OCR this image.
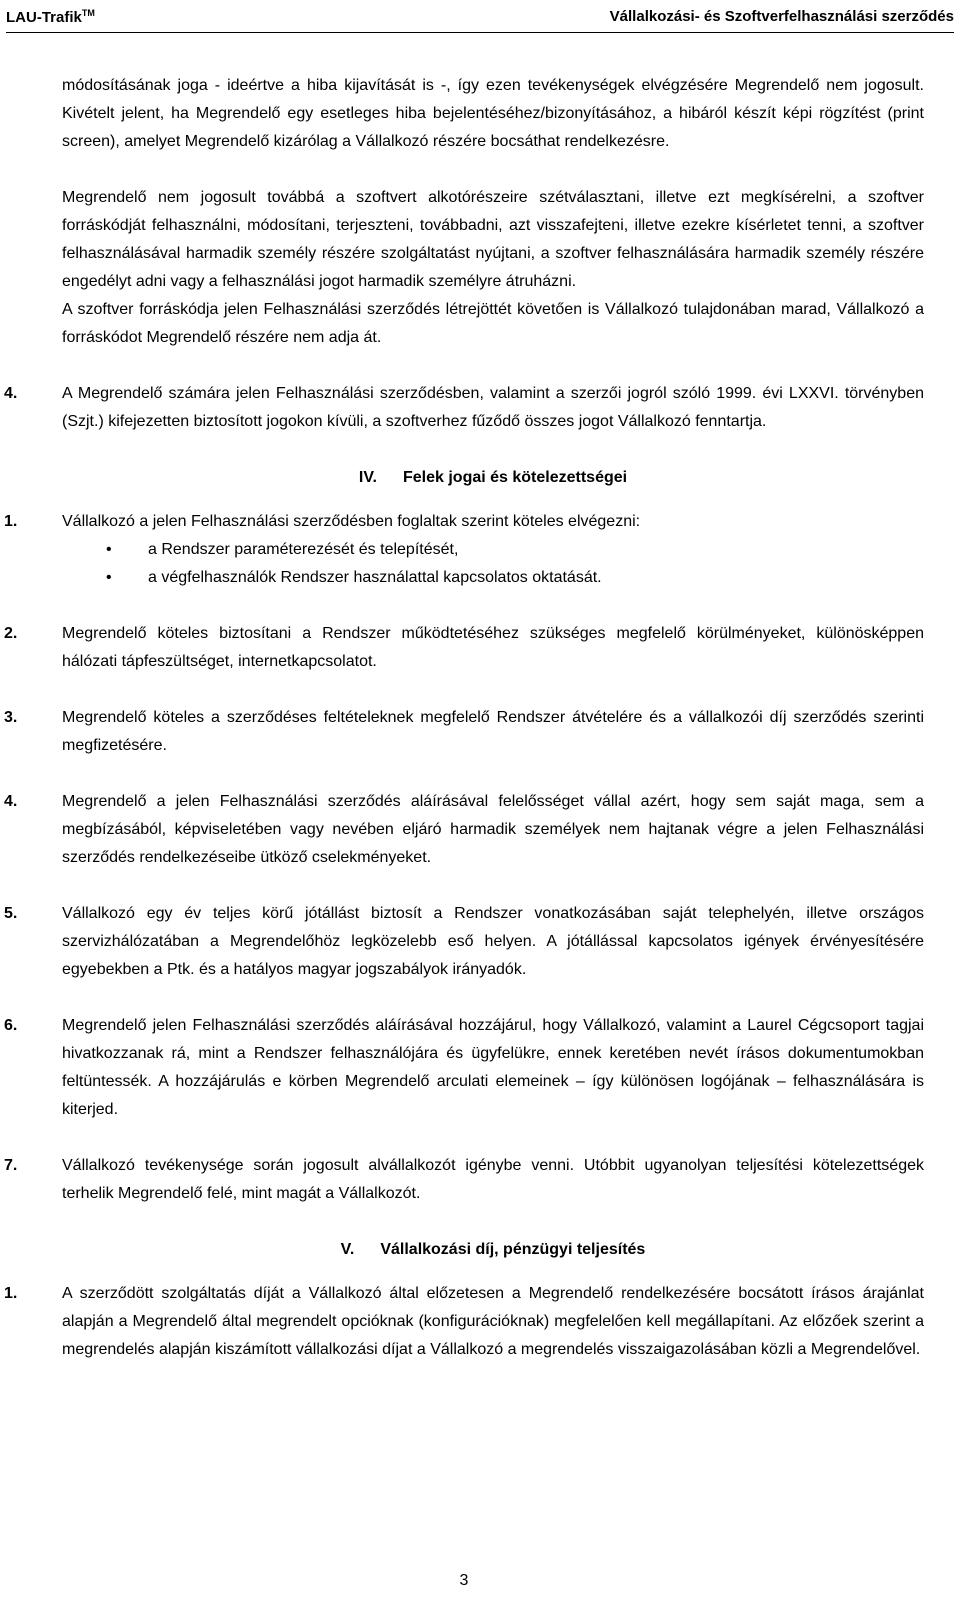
LAU-Trafik™	Vállalkozási- és Szoftverfelhasználási szerződés

módosításának joga - ideértve a hiba kijavítását is -, így ezen tevékenységek elvégzésére Megrendelő nem jogosult. Kivételt jelent, ha Megrendelő egy esetleges hiba bejelentéséhez/bizonyításához, a hibáról készít képi rögzítést (print screen), amelyet Megrendelő kizárólag a Vállalkozó részére bocsáthat rendelkezésre.

Megrendelő nem jogosult továbbá a szoftvert alkotórészeire szétválasztani, illetve ezt megkísérelni, a szoftver forráskódját felhasználni, módosítani, terjeszteni, továbbadni, azt visszafejteni, illetve ezekre kísérletet tenni, a szoftver felhasználásával harmadik személy részére szolgáltatást nyújtani, a szoftver felhasználására harmadik személy részére engedélyt adni vagy a felhasználási jogot harmadik személyre átruházni.

A szoftver forráskódja jelen Felhasználási szerződés létrejöttét követően is Vállalkozó tulajdonában marad, Vállalkozó a forráskódot Megrendelő részére nem adja át.

4.	A Megrendelő számára jelen Felhasználási szerződésben, valamint a szerzői jogról szóló 1999. évi LXXVI. törvényben (Szjt.) kifejezetten biztosított jogokon kívüli, a szoftverhez fűződő összes jogot Vállalkozó fenntartja.

IV. Felek jogai és kötelezettségei

1.	Vállalkozó a jelen Felhasználási szerződésben foglaltak szerint köteles elvégezni:

• a Rendszer paraméterezését és telepítését,
• a végfelhasználók Rendszer használattal kapcsolatos oktatását.
2.	Megrendelő köteles biztosítani a Rendszer működtetéséhez szükséges megfelelő körülményeket, különösképpen hálózati tápfeszültséget, internetkapcsolatot.

3.	Megrendelő köteles a szerződéses feltételeknek megfelelő Rendszer átvételére és a vállalkozói díj szerződés szerinti megfizetésére.

4.	Megrendelő a jelen Felhasználási szerződés aláírásával felelősséget vállal azért, hogy sem saját maga, sem a megbízásából, képviseletében vagy nevében eljáró harmadik személyek nem hajtanak végre a jelen Felhasználási szerződés rendelkezéseibe ütköző cselekményeket.

5.	Vállalkozó egy év teljes körű jótállást biztosít a Rendszer vonatkozásában saját telephelyén, illetve országos szervizhálózatában a Megrendelőhöz legközelebb eső helyen. A jótállással kapcsolatos igények érvényesítésére egyebekben a Ptk. és a hatályos magyar jogszabályok irányadók.

6.	Megrendelő jelen Felhasználási szerződés aláírásával hozzájárul, hogy Vállalkozó, valamint a Laurel Cégcsoport tagjai hivatkozzanak rá, mint a Rendszer felhasználójára és ügyfelükre, ennek keretében nevét írásos dokumentumokban feltüntessék. A hozzájárulás e körben Megrendelő arculati elemeinek – így különösen logójának – felhasználására is kiterjed.

7.	Vállalkozó tevékenysége során jogosult alvállalkozót igénybe venni. Utóbbit ugyanolyan teljesítési kötelezettségek terhelik Megrendelő felé, mint magát a Vállalkozót.

V. Vállalkozási díj, pénzügyi teljesítés

1.	A szerződött szolgáltatás díját a Vállalkozó által előzetesen a Megrendelő rendelkezésére bocsátott írásos árajánlat alapján a Megrendelő által megrendelt opcióknak (konfigurációknak) megfelelően kell megállapítani. Az előzőek szerint a megrendelés alapján kiszámított vállalkozási díjat a Vállalkozó a megrendelés visszaigazolásában közli a Megrendelővel.

3
